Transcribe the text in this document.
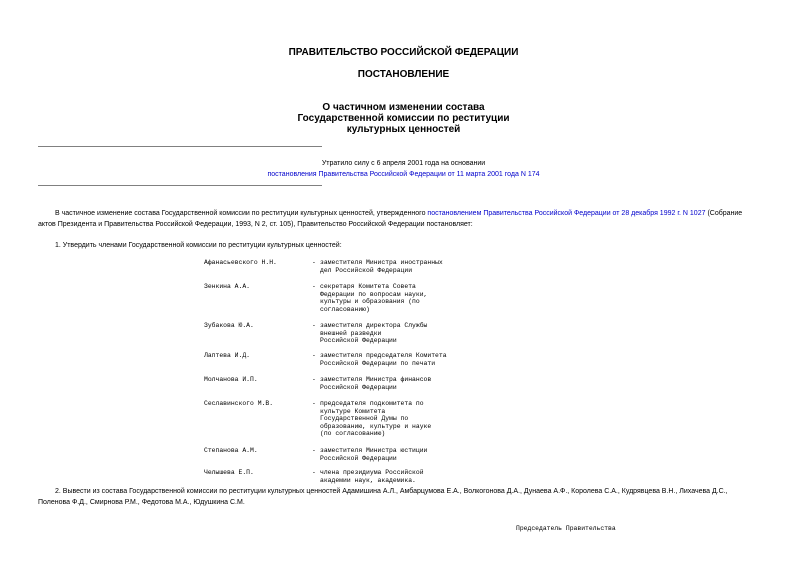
ПРАВИТЕЛЬСТВО РОССИЙСКОЙ ФЕДЕРАЦИИ
ПОСТАНОВЛЕНИЕ
О частичном изменении состава
Государственной комиссии по реституции
культурных ценностей
Утратило силу с 6 апреля 2001 года на основании
постановления Правительства Российской Федерации от 11 марта 2001 года N 174
В частичное изменение состава Государственной комиссии по реституции культурных ценностей, утвержденного постановлением Правительства Российской Федерации от 28 декабря 1992 г. N 1027 (Собрание
актов Президента и Правительства Российской Федерации, 1993, N 2, ст. 105), Правительство Российской Федерации постановляет:
1. Утвердить членами Государственной комиссии по реституции культурных ценностей:
Афанасьевского Н.Н.	- заместителя Министра иностранных
дел Российской Федерации
Зенкина А.А.	- секретаря Комитета Совета
Федерации по вопросам науки,
культуры и образования (по
согласованию)
Зубакова Ю.А.	- заместителя директора Службы
внешней разведки
Российской Федерации
Лаптева И.Д.	- заместителя председателя Комитета
Российской Федерации по печати
Молчанова И.П.	- заместителя Министра финансов
Российской Федерации
Сеславинского М.В.	- председателя подкомитета по
культуре Комитета
Государственной Думы по
образованию, культуре и науке
(по согласованию)
Степанова А.М.	- заместителя Министра юстиции
Российской Федерации
Челышева Е.П.	- члена президиума Российской
академии наук, академика.
2. Вывести из состава Государственной комиссии по реституции культурных ценностей Адамишина А.Л., Амбарцумова Е.А., Волкогонова Д.А., Дунаева А.Ф., Королева С.А., Кудрявцева В.Н., Лихачева Д.С.,
Поленова Ф.Д., Смирнова Р.М., Федотова М.А., Юдушкина С.М.
Председатель Правительства
